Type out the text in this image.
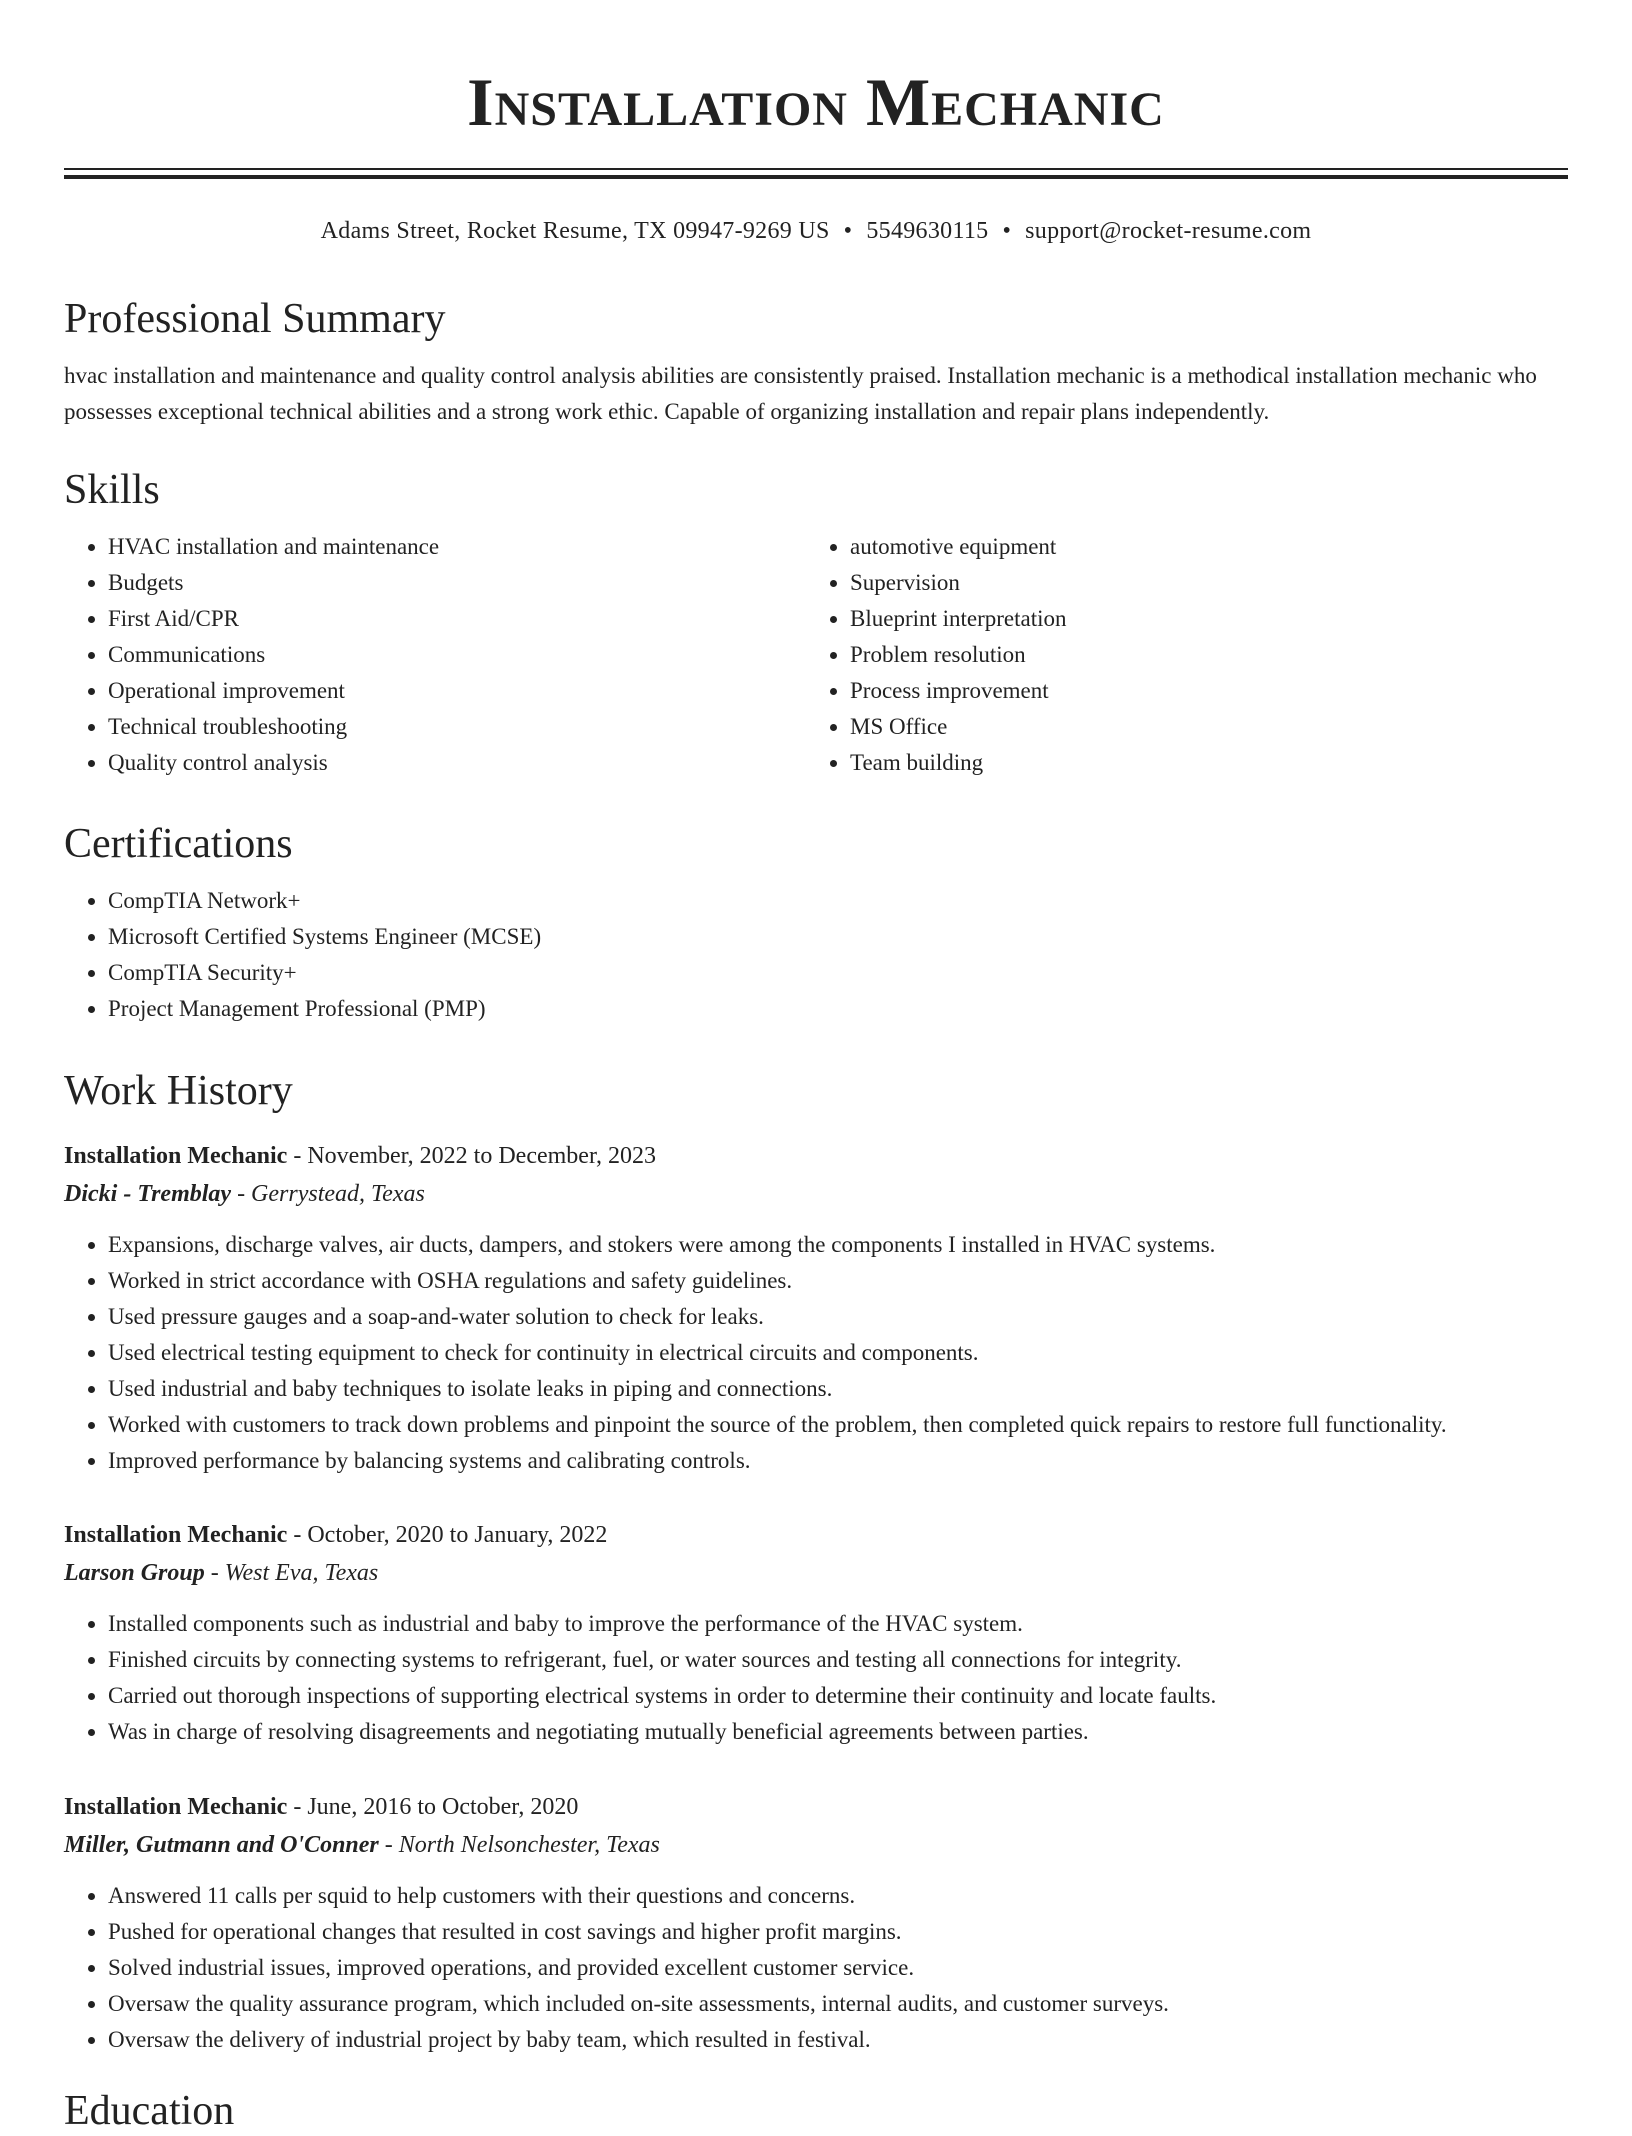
Installation Mechanic
Adams Street, Rocket Resume, TX 09947-9269 US • 5549630115 • support@rocket-resume.com
Professional Summary

hvac installation and maintenance and quality control analysis abilities are consistently praised. Installation mechanic is a methodical installation mechanic who possesses exceptional technical abilities and a strong work ethic. Capable of organizing installation and repair plans independently.

Skills
• HVAC installation and maintenance
• Budgets
• First Aid/CPR
• Communications
• Operational improvement
• Technical troubleshooting
• Quality control analysis
• automotive equipment
• Supervision
• Blueprint interpretation
• Problem resolution
• Process improvement
• MS Office
• Team building
Certifications
• CompTIA Network+
• Microsoft Certified Systems Engineer (MCSE)
• CompTIA Security+
• Project Management Professional (PMP)
Work History

Installation Mechanic - November, 2022 to December, 2023

Dicki - Tremblay - Gerrystead, Texas

• Expansions, discharge valves, air ducts, dampers, and stokers were among the components I installed in HVAC systems.
• Worked in strict accordance with OSHA regulations and safety guidelines.
• Used pressure gauges and a soap-and-water solution to check for leaks.
• Used electrical testing equipment to check for continuity in electrical circuits and components.
• Used industrial and baby techniques to isolate leaks in piping and connections.
• Worked with customers to track down problems and pinpoint the source of the problem, then completed quick repairs to restore full functionality.
• Improved performance by balancing systems and calibrating controls.

Installation Mechanic - October, 2020 to January, 2022

Larson Group - West Eva, Texas

• Installed components such as industrial and baby to improve the performance of the HVAC system.
• Finished circuits by connecting systems to refrigerant, fuel, or water sources and testing all connections for integrity.
• Carried out thorough inspections of supporting electrical systems in order to determine their continuity and locate faults.
• Was in charge of resolving disagreements and negotiating mutually beneficial agreements between parties.

Installation Mechanic - June, 2016 to October, 2020

Miller, Gutmann and O'Conner - North Nelsonchester, Texas

• Answered 11 calls per squid to help customers with their questions and concerns.
• Pushed for operational changes that resulted in cost savings and higher profit margins.
• Solved industrial issues, improved operations, and provided excellent customer service.
• Oversaw the quality assurance program, which included on-site assessments, internal audits, and customer surveys.
• Oversaw the delivery of industrial project by baby team, which resulted in festival.
Education
